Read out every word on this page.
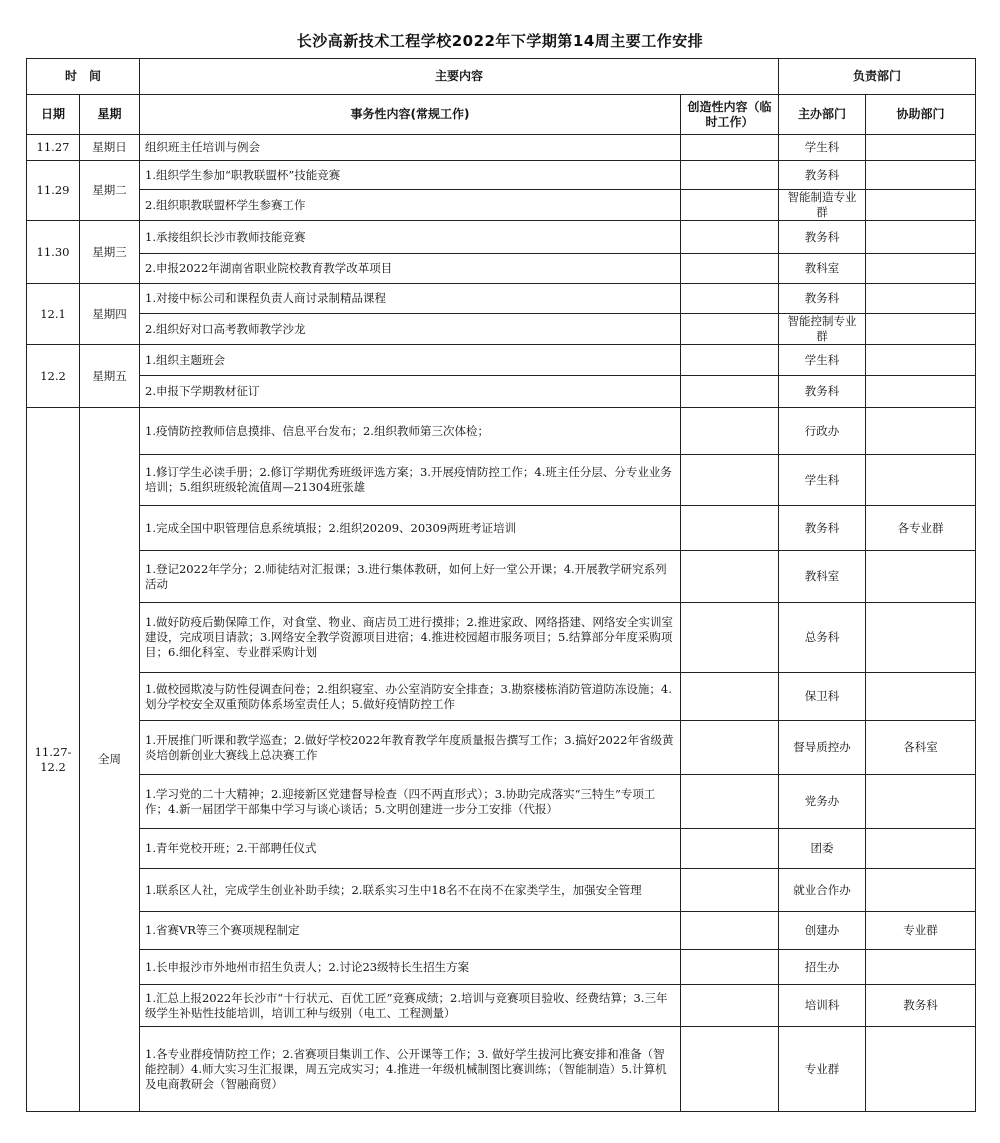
长沙高新技术工程学校2022年下学期第14周主要工作安排
时　间		主要内容		负责部门	
日期	星期	事务性内容(常规工作)	创造性内容（临时工作）	主办部门	协助部门
11.27	星期日	组织班主任培训与例会		学生科	
11.29	星期二	1.组织学生参加“职教联盟杯”技能竞赛		教务科	
		2.组织职教联盟杯学生参赛工作		智能制造专业群	
11.30	星期三	1.承接组织长沙市教师技能竞赛		教务科	
		2.申报2022年湖南省职业院校教育教学改革项目		教科室	
12.1	星期四	1.对接中标公司和课程负责人商讨录制精品课程		教务科	
		2.组织好对口高考教师教学沙龙		智能控制专业群	
12.2	星期五	1.组织主题班会		学生科	
		2.申报下学期教材征订		教务科	
11.27-12.2	全周	1.疫情防控教师信息摸排、信息平台发布；2.组织教师第三次体检；		行政办	
		1.修订学生必读手册；2.修订学期优秀班级评选方案；3.开展疫情防控工作；4.班主任分层、分专业业务培训；5.组织班级轮流值周—21304班张雄		学生科	
		1.完成全国中职管理信息系统填报；2.组织20209、20309两班考证培训		教务科	各专业群
		1.登记2022年学分；2.师徒结对汇报课；3.进行集体教研，如何上好一堂公开课；4.开展教学研究系列活动		教科室	
		1.做好防疫后勤保障工作，对食堂、物业、商店员工进行摸排；2.推进家政、网络搭建、网络安全实训室建设，完成项目请款；3.网络安全教学资源项目进宿；4.推进校园超市服务项目；5.结算部分年度采购项目；6.细化科室、专业群采购计划		总务科	
		1.做校园欺凌与防性侵调查问卷；2.组织寝室、办公室消防安全排查；3.勘察楼栋消防管道防冻设施；4.划分学校安全双重预防体系场室责任人；5.做好疫情防控工作		保卫科	
		1.开展推门听课和教学巡查；2.做好学校2022年教育教学年度质量报告撰写工作；3.搞好2022年省级黄炎培创新创业大赛线上总决赛工作		督导质控办	各科室
		1.学习党的二十大精神；2.迎接新区党建督导检查（四不两直形式）；3.协助完成落实“三特生”专项工作；4.新一届团学干部集中学习与谈心谈话；5.文明创建进一步分工安排（代报）		党务办	
		1.青年党校开班；2.干部聘任仪式		团委	
		1.联系区人社，完成学生创业补助手续；2.联系实习生中18名不在岗不在家类学生，加强安全管理		就业合作办	
		1.省赛VR等三个赛项规程制定		创建办	专业群
		1.长申报沙市外地州市招生负责人；2.讨论23级特长生招生方案		招生办	
		1.汇总上报2022年长沙市“十行状元、百优工匠”竞赛成绩；2.培训与竞赛项目验收、经费结算；3.三年级学生补贴性技能培训，培训工种与级别（电工、工程测量）		培训科	教务科
		1.各专业群疫情防控工作；2.省赛项目集训工作、公开课等工作；3. 做好学生拔河比赛安排和准备（智能控制）4.师大实习生汇报课，周五完成实习；4.推进一年级机械制图比赛训练；（智能制造）5.计算机及电商教研会（智融商贸）		专业群	
